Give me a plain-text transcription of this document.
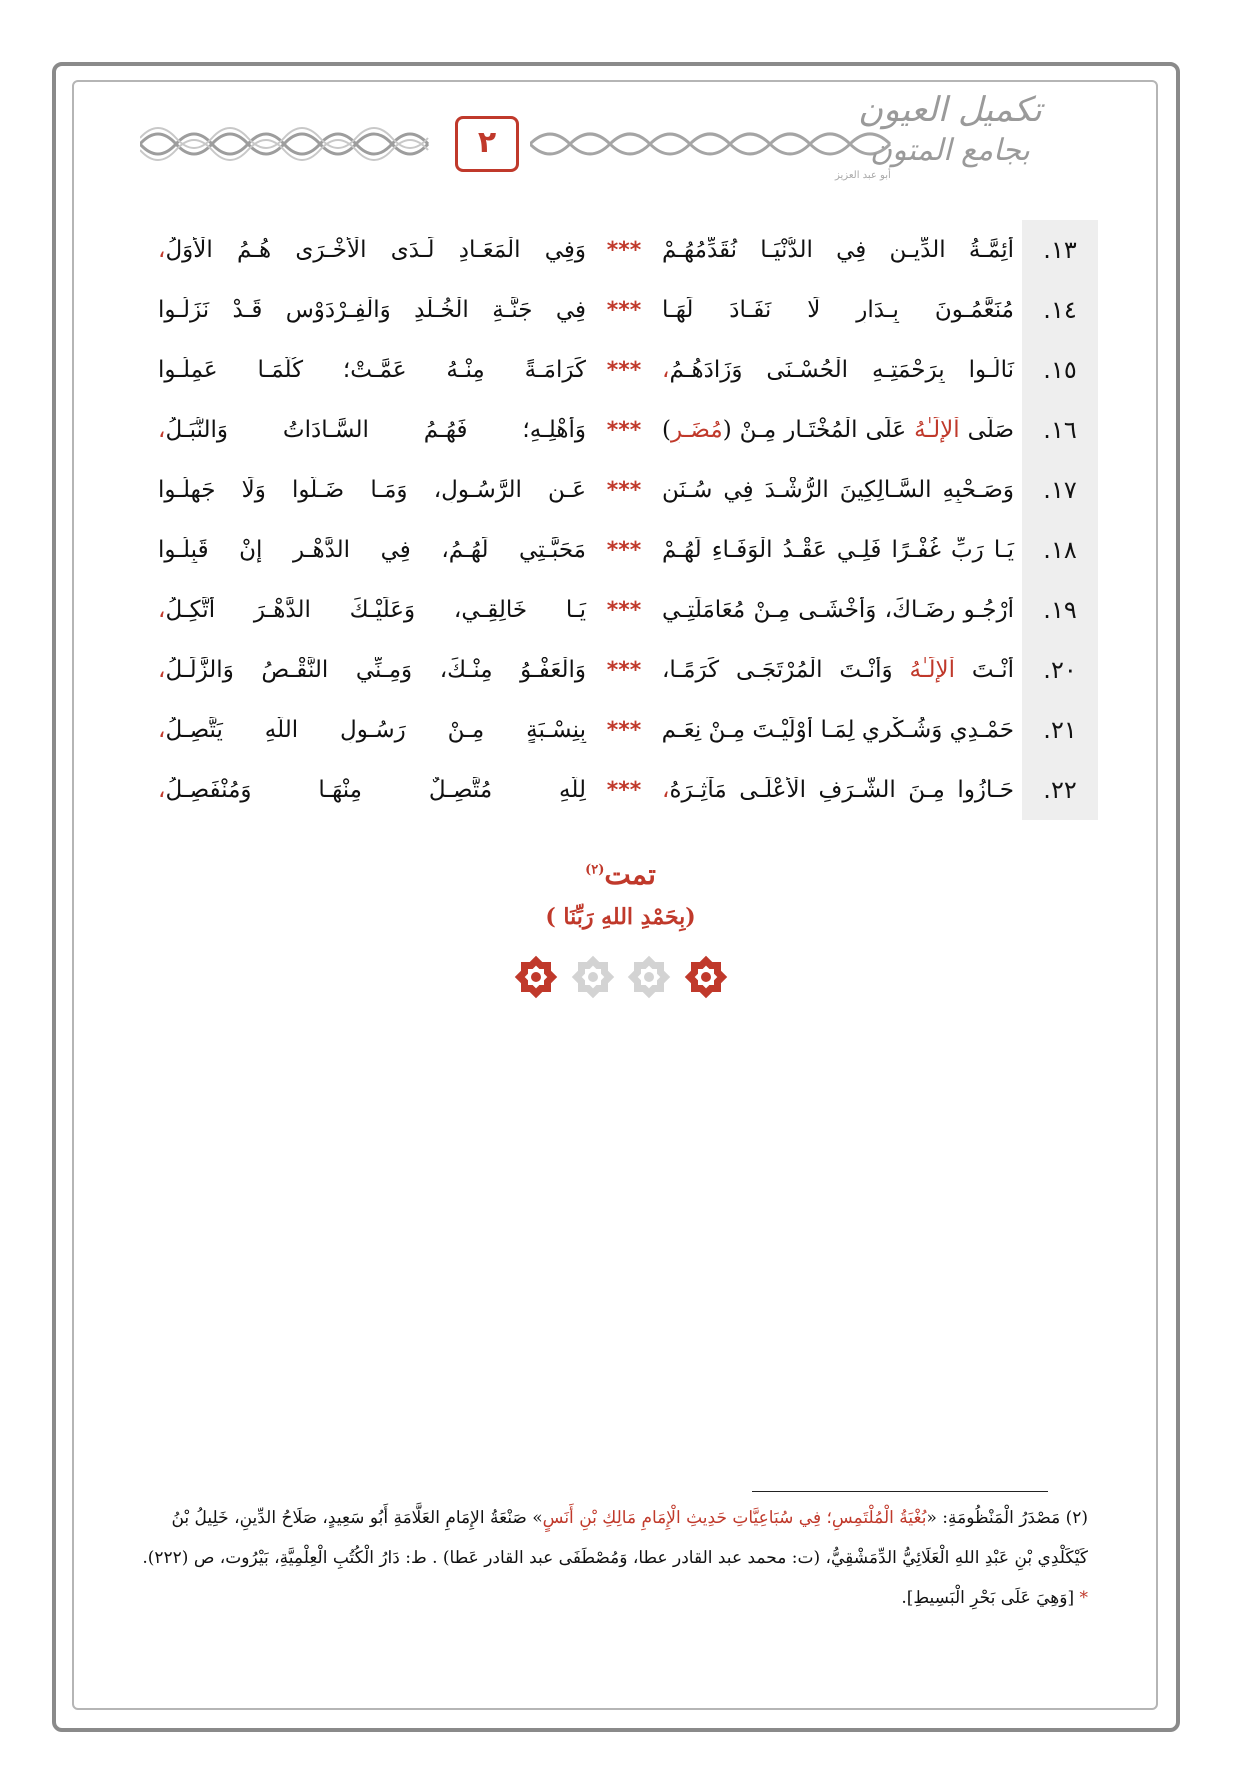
٢
تكميل العيون
بجامع المتون
أبو عبد العزيز
١٣.
أَئِمَّـةُ الدِّيـنِ فِي الدُّنْيَـا نُقَدِّمُهُـمْ
***
وَفِي الْمَعَـادِ لَـدَى الْأُخْـرَى هُـمُ الْأُوَلُ،
١٤.
مُنَعَّمُـونَ بِـدَارٍ لَا نَفَـادَ لَهَـا
***
فِي جَنَّـةِ الْخُـلْدِ وَالْفِـرْدَوْسِ قَـدْ نَزَلُـوا
١٥.
نَالُـوا بِرَحْمَتِـهِ الْحُسْـنَى وَزَادَهُـمُ،
***
كَرَامَـةً مِنْـهُ عَمَّـتْ؛ كُلَّمَـا عَمِلُـوا
١٦.
صَلَّى اْلإِلَـٰهُ عَلَى الْمُخْتَـارِ مِـنْ (مُضَـرٍ)
***
وَأَهْلِـهِ؛ فَهُـمُ السَّـادَاتُ وَالنُّبَـلُ،
١٧.
وَصَـحْبِهِ السَّـالِكِينَ الرُّشْـدَ فِي سُـنَنٍ
***
عَـنِ الرَّسُـولِ، وَمَـا ضَـلُّوا وَلَا جَهِلُـوا
١٨.
يَـا رَبِّ غُفْـرًا فَلِـي عَقْـدُ الْوَفَـاءِ لَهُـمْ
***
مَحَبَّـتِي لَهُـمُ، فِي الدَّهْـرِ إِنْ قَبِلُـوا
١٩.
أَرْجُـو رِضَـاكَ، وَأَخْشَـى مِـنْ مُعَامَلَتِـي
***
يَـا خَالِقِـي، وَعَلَيْـكَ الدَّهْـرَ أَتَّكِـلُ،
٢٠.
أَنْـتَ اْلإِلَـٰهُ وَأَنْـتَ الْمُرْتَجَـى كَرَمًـا،
***
وَالْعَفْـوُ مِنْـكَ، وَمِـنِّي النَّقْـصُ وَالزَّلَـلُ،
٢١.
حَمْـدِي وَشُـكْرِي لِمَـا أَوْلَيْـتَ مِـنْ نِعَـمٍ
***
بِنِسْـبَةٍ مِـنْ رَسُـولِ اللَّهِ يَتَّصِـلُ،
٢٢.
حَـازُوا مِـنَ الشَّـرَفِ الْأَعْلَـى مَآثِـرَهُ،
***
لِلَّهِ مُتَّصِـلٌ مِنْهَـا وَمُنْفَصِـلُ،
تمت$^{(٢)}$
(بِحَمْدِ اللهِ رَبِّنَا )
(٢) مَصْدَرُ الْمَنْظُومَةِ: «بُغْيَةُ الْمُلْتَمِسِ؛ فِي سُبَاعِيَّاتِ حَدِيثِ الْإِمَامِ مَالِكِ بْنِ أَنَسٍ» صَنْعَةُ الإِمَامِ العَلَّامَةِ أَبُو سَعِيدٍ، صَلَاحُ الدِّينِ، خَلِيلُ بْنُ
كَيْكَلْدِي بْنِ عَبْدِ اللهِ الْعَلَائِيُّ الدِّمَشْقِيُّ، (ت: محمد عبد القادر عطا، وَمُصْطَفَى عبد القادر عَطا) . ط: دَارُ الْكُتُبِ الْعِلْمِيَّةِ، بَيْرُوت، ص (٢٢٢).
* [وَهِيَ عَلَى بَحْرِ الْبَسِيطِ].
